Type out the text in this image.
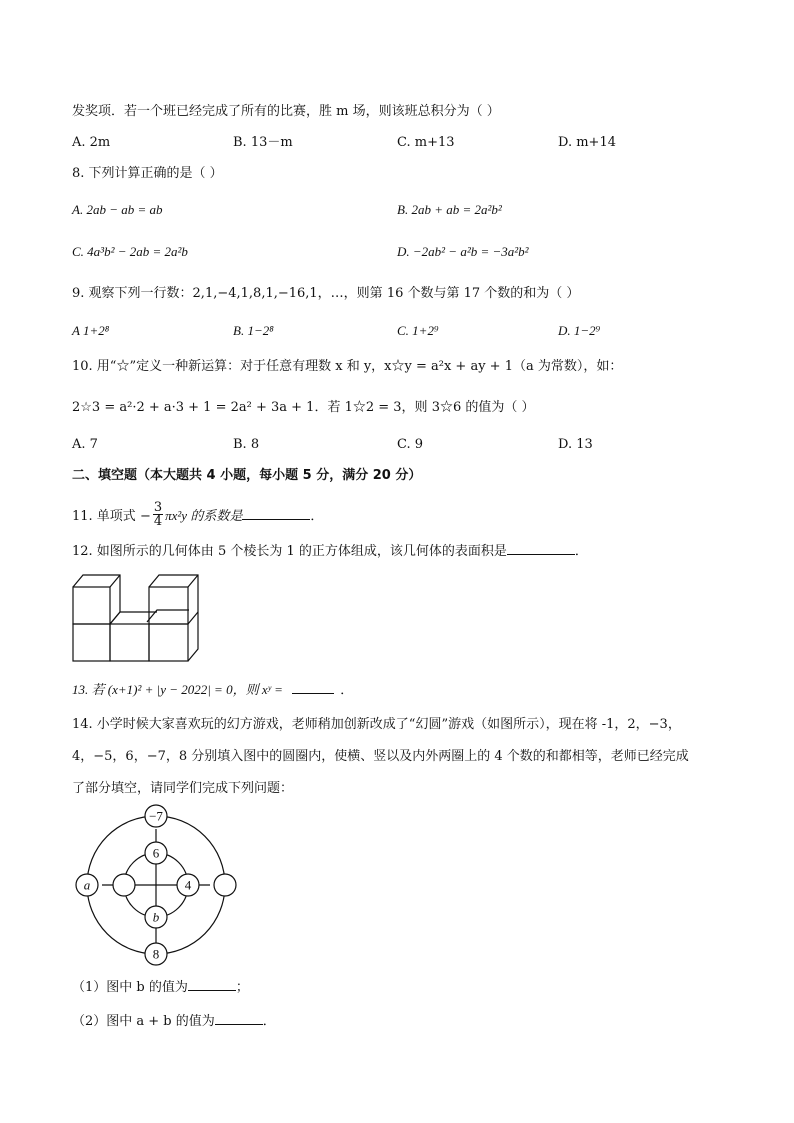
发奖项．若一个班已经完成了所有的比赛，胜 m 场，则该班总积分为（ ）
A. 2m	B. 13－m	C. m+13	D. m+14
8. 下列计算正确的是（ ）
A. 2ab − ab = ab	B. 2ab + ab = 2a²b²
C. 4a³b² − 2ab = 2a²b	D. −2ab² − a²b = −3a²b²
9. 观察下列一行数：2,1,−4,1,8,1,−16,1，…，则第 16 个数与第 17 个数的和为（ ）
A 1+2⁸	B. 1−2⁸	C. 1+2⁹	D. 1−2⁹
10. 用“☆”定义一种新运算：对于任意有理数 x 和 y，x☆y = a²x + ay + 1（a 为常数），如：
2☆3 = a²·2 + a·3 + 1 = 2a² + 3a + 1．若 1☆2 = 3，则 3☆6 的值为（ ）
A. 7	B. 8	C. 9	D. 13
二、填空题（本大题共 4 小题，每小题 5 分，满分 20 分）
11. 单项式 − $\frac{3}{4} \pi x^2y$ 的系数是	．
12. 如图所示的几何体由 5 个棱长为 1 的正方体组成，该几何体的表面积是	．
13. 若 (x+1)² + |y − 2022| = 0，则 xʸ =	．
14. 小学时候大家喜欢玩的幻方游戏，老师稍加创新改成了“幻圆”游戏（如图所示），现在将 -1，2，−3，
4，−5，6，−7，8 分别填入图中的圆圈内，使横、竖以及内外两圈上的 4 个数的和都相等，老师已经完成
了部分填空，请同学们完成下列问题：
−7
6
a	4
b
8
（1）图中 b 的值为	；
（2）图中 a + b 的值为	．
